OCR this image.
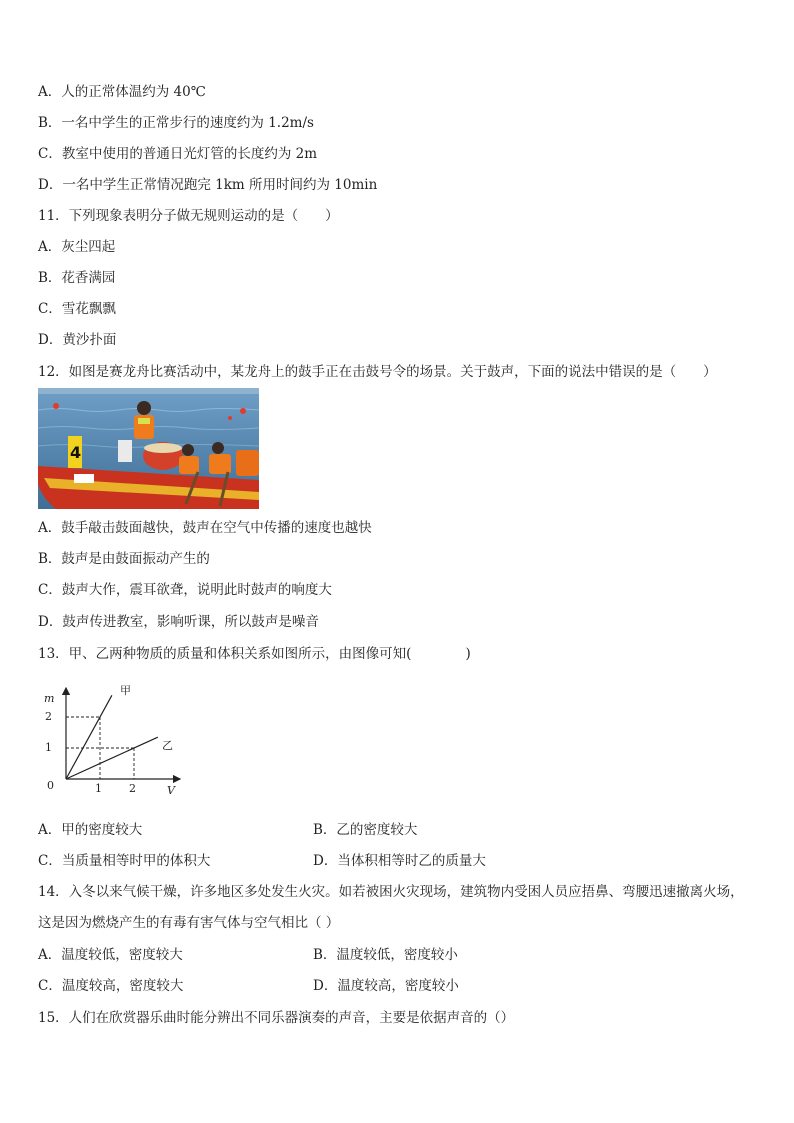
A．人的正常体温约为 40℃
B．一名中学生的正常步行的速度约为 1.2m/s
C．教室中使用的普通日光灯管的长度约为 2m
D．一名中学生正常情况跑完 1km 所用时间约为 10min
11．下列现象表明分子做无规则运动的是（　　）
A．灰尘四起
B．花香满园
C．雪花飘飘
D．黄沙扑面
12．如图是赛龙舟比赛活动中，某龙舟上的鼓手正在击鼓号令的场景。关于鼓声，下面的说法中错误的是（　　）
4
A．鼓手敲击鼓面越快，鼓声在空气中传播的速度也越快
B．鼓声是由鼓面振动产生的
C．鼓声大作，震耳欲聋，说明此时鼓声的响度大
D．鼓声传进教室，影响听课，所以鼓声是噪音
13．甲、乙两种物质的质量和体积关系如图所示，由图像可知(　　　　)
m
V
0	1 2
1
2
甲
乙
A．甲的密度较大	B．乙的密度较大
C．当质量相等时甲的体积大	D．当体积相等时乙的质量大
14．入冬以来气候干燥，许多地区多处发生火灾。如若被困火灾现场，建筑物内受困人员应捂鼻、弯腰迅速撤离火场，
这是因为燃烧产生的有毒有害气体与空气相比（ ）
A．温度较低，密度较大	B．温度较低，密度较小
C．温度较高，密度较大	D．温度较高，密度较小
15．人们在欣赏器乐曲时能分辨出不同乐器演奏的声音，主要是依据声音的（）
